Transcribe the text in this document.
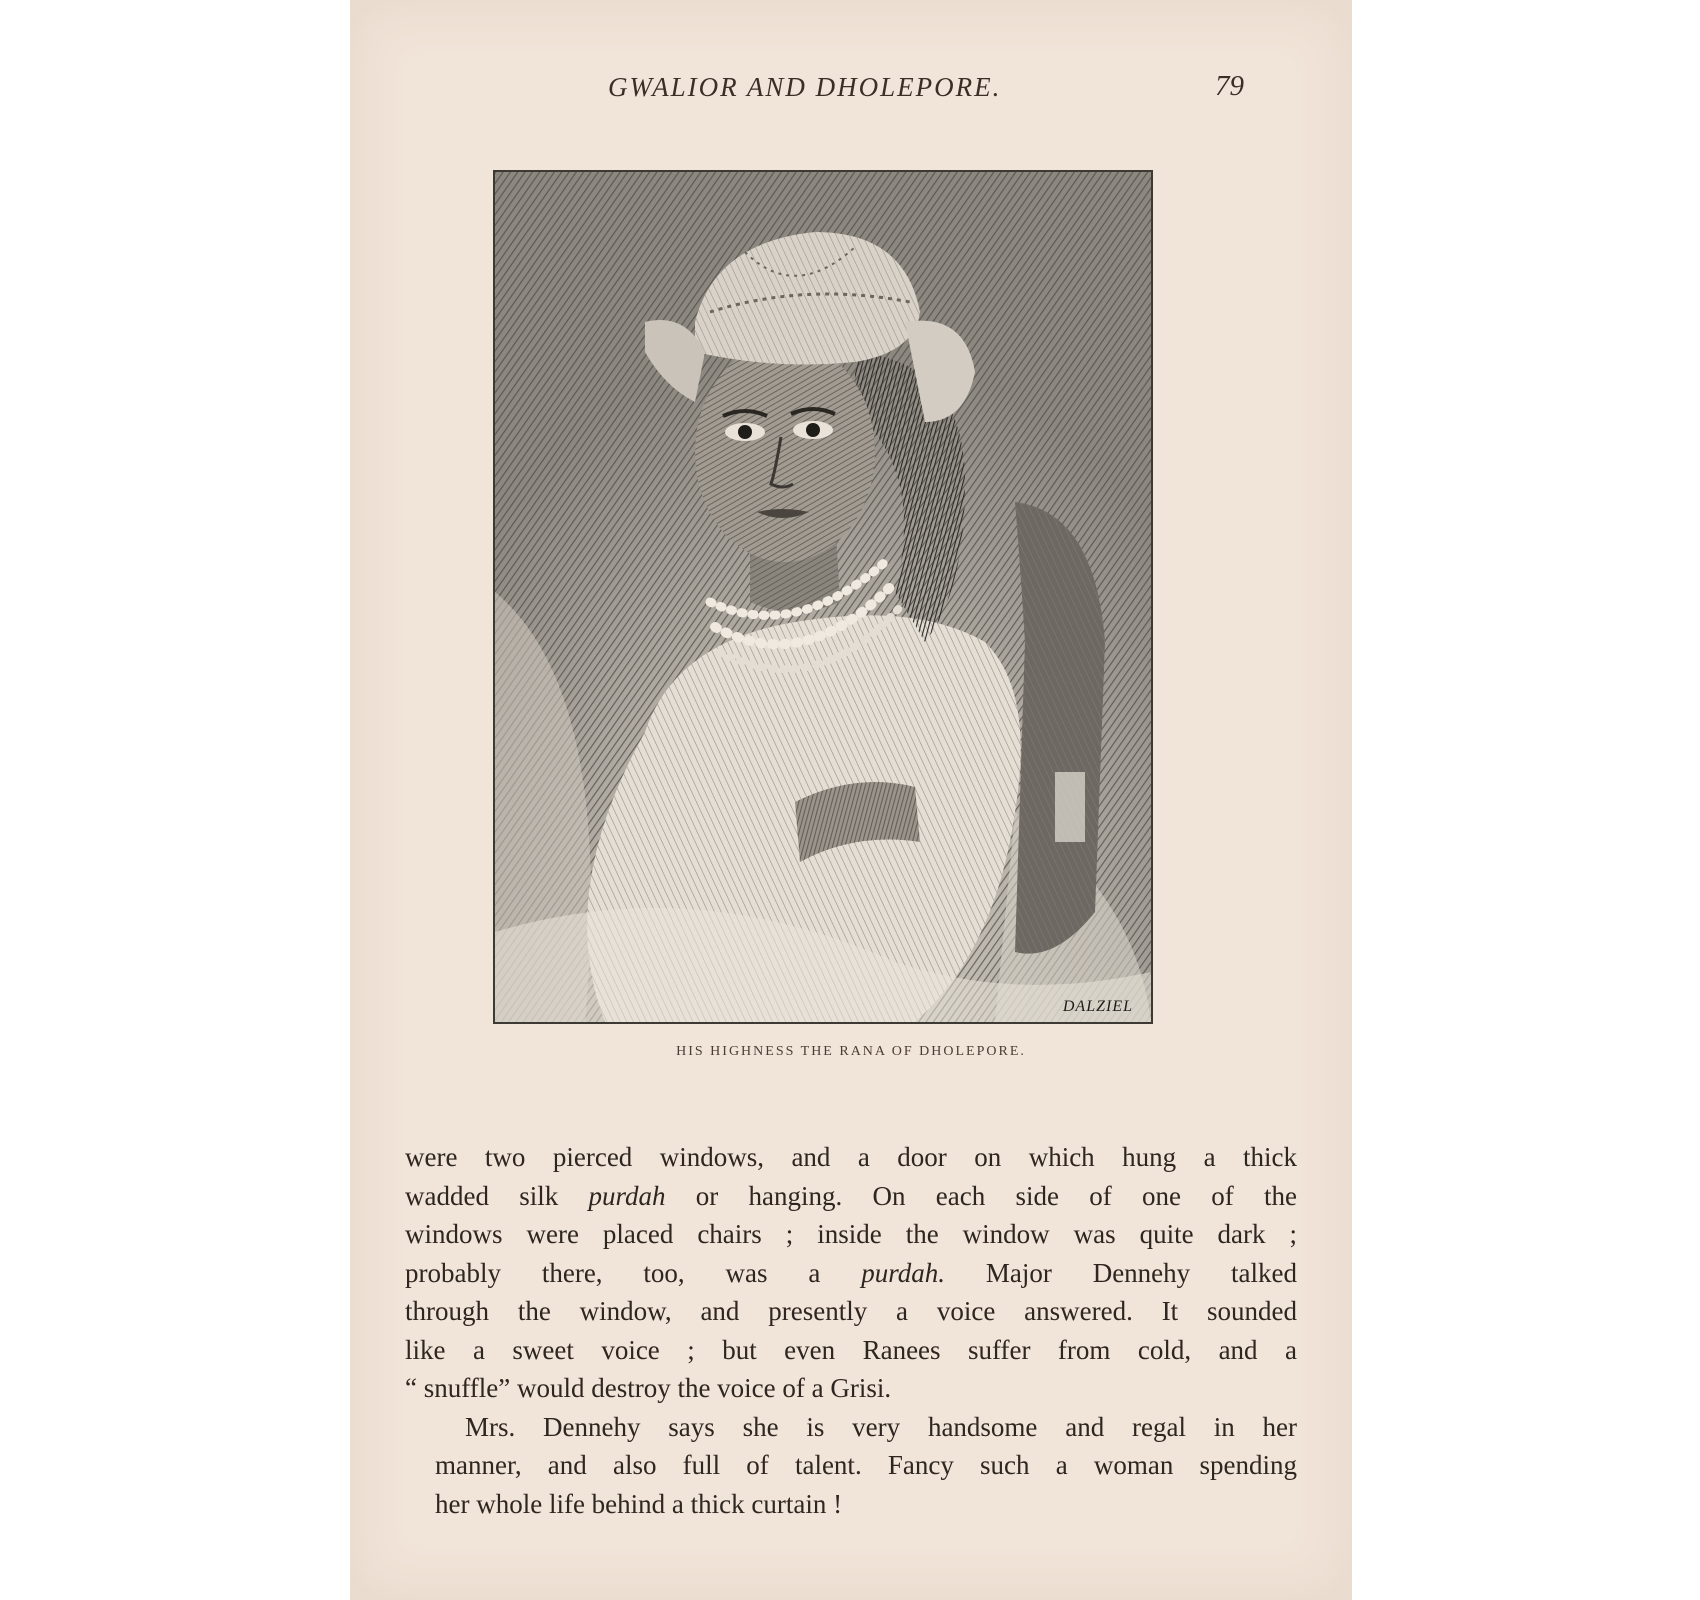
GWALIOR AND DHOLEPORE.	79
DALZIEL
HIS HIGHNESS THE RANA OF DHOLEPORE.

were two pierced windows, and a door on which hung a thick
wadded silk purdah or hanging. On each side of one of the
windows were placed chairs ; inside the window was quite dark ;
probably there, too, was a purdah. Major Dennehy talked
through the window, and presently a voice answered. It sounded
like a sweet voice ; but even Ranees suffer from cold, and a
“ snuffle” would destroy the voice of a Grisi.

Mrs. Dennehy says she is very handsome and regal in her
manner, and also full of talent. Fancy such a woman spending
her whole life behind a thick curtain !
